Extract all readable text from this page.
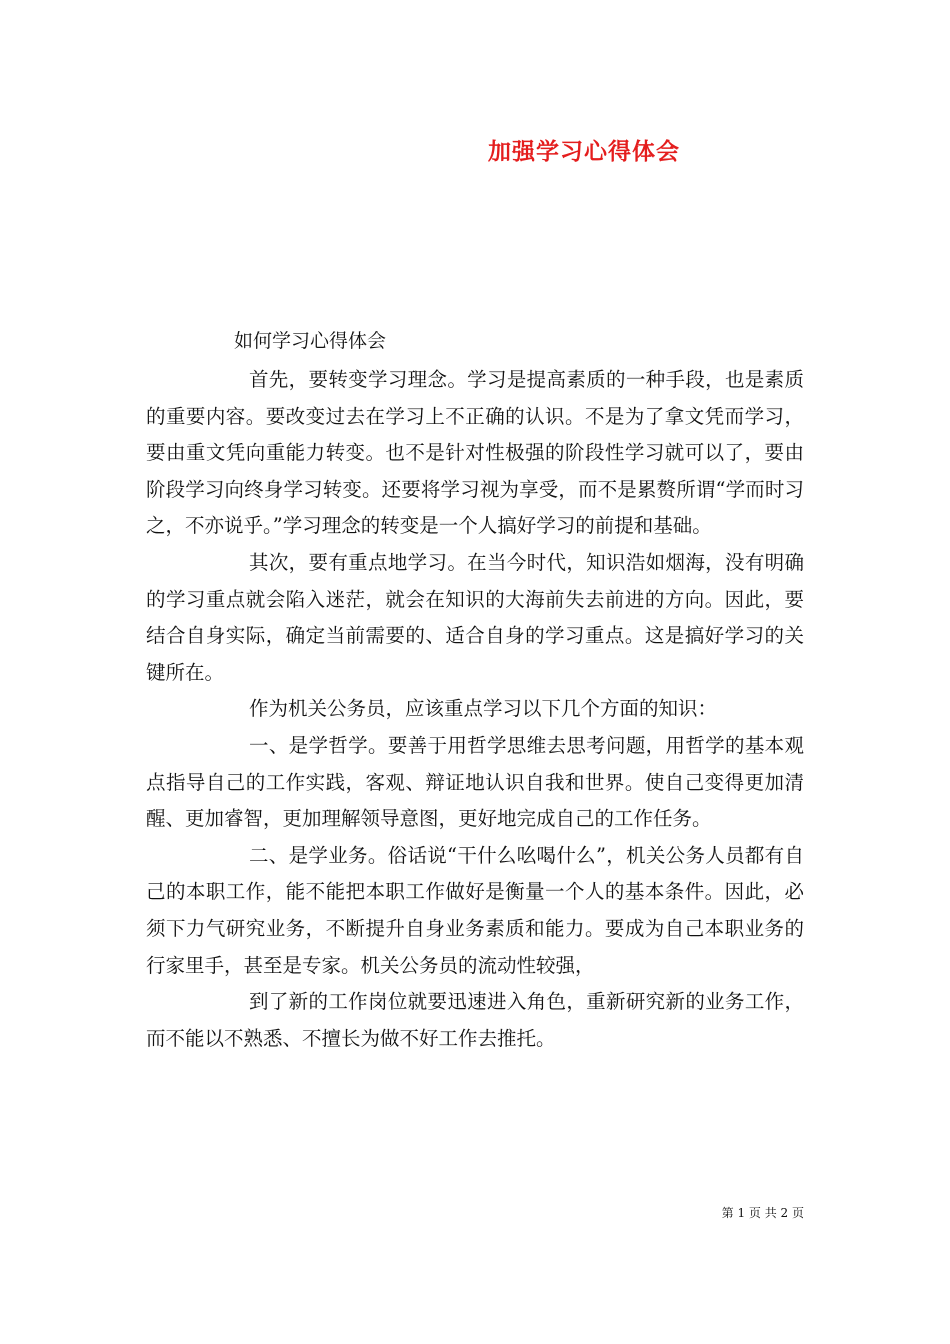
加强学习心得体会
如何学习心得体会

首先，要转变学习理念。学习是提高素质的一种手段，也是素质的重要内容。要改变过去在学习上不正确的认识。不是为了拿文凭而学习，要由重文凭向重能力转变。也不是针对性极强的阶段性学习就可以了，要由阶段学习向终身学习转变。还要将学习视为享受，而不是累赘所谓“学而时习之，不亦说乎。”学习理念的转变是一个人搞好学习的前提和基础。

其次，要有重点地学习。在当今时代，知识浩如烟海，没有明确的学习重点就会陷入迷茫，就会在知识的大海前失去前进的方向。因此，要结合自身实际，确定当前需要的、适合自身的学习重点。这是搞好学习的关键所在。

作为机关公务员，应该重点学习以下几个方面的知识：

一、是学哲学。要善于用哲学思维去思考问题，用哲学的基本观点指导自己的工作实践，客观、辩证地认识自我和世界。使自己变得更加清醒、更加睿智，更加理解领导意图，更好地完成自己的工作任务。

二、是学业务。俗话说“干什么吆喝什么”，机关公务人员都有自己的本职工作，能不能把本职工作做好是衡量一个人的基本条件。因此，必须下力气研究业务，不断提升自身业务素质和能力。要成为自己本职业务的行家里手，甚至是专家。机关公务员的流动性较强，

到了新的工作岗位就要迅速进入角色，重新研究新的业务工作，而不能以不熟悉、不擅长为做不好工作去推托。

第 1 页 共 2 页
